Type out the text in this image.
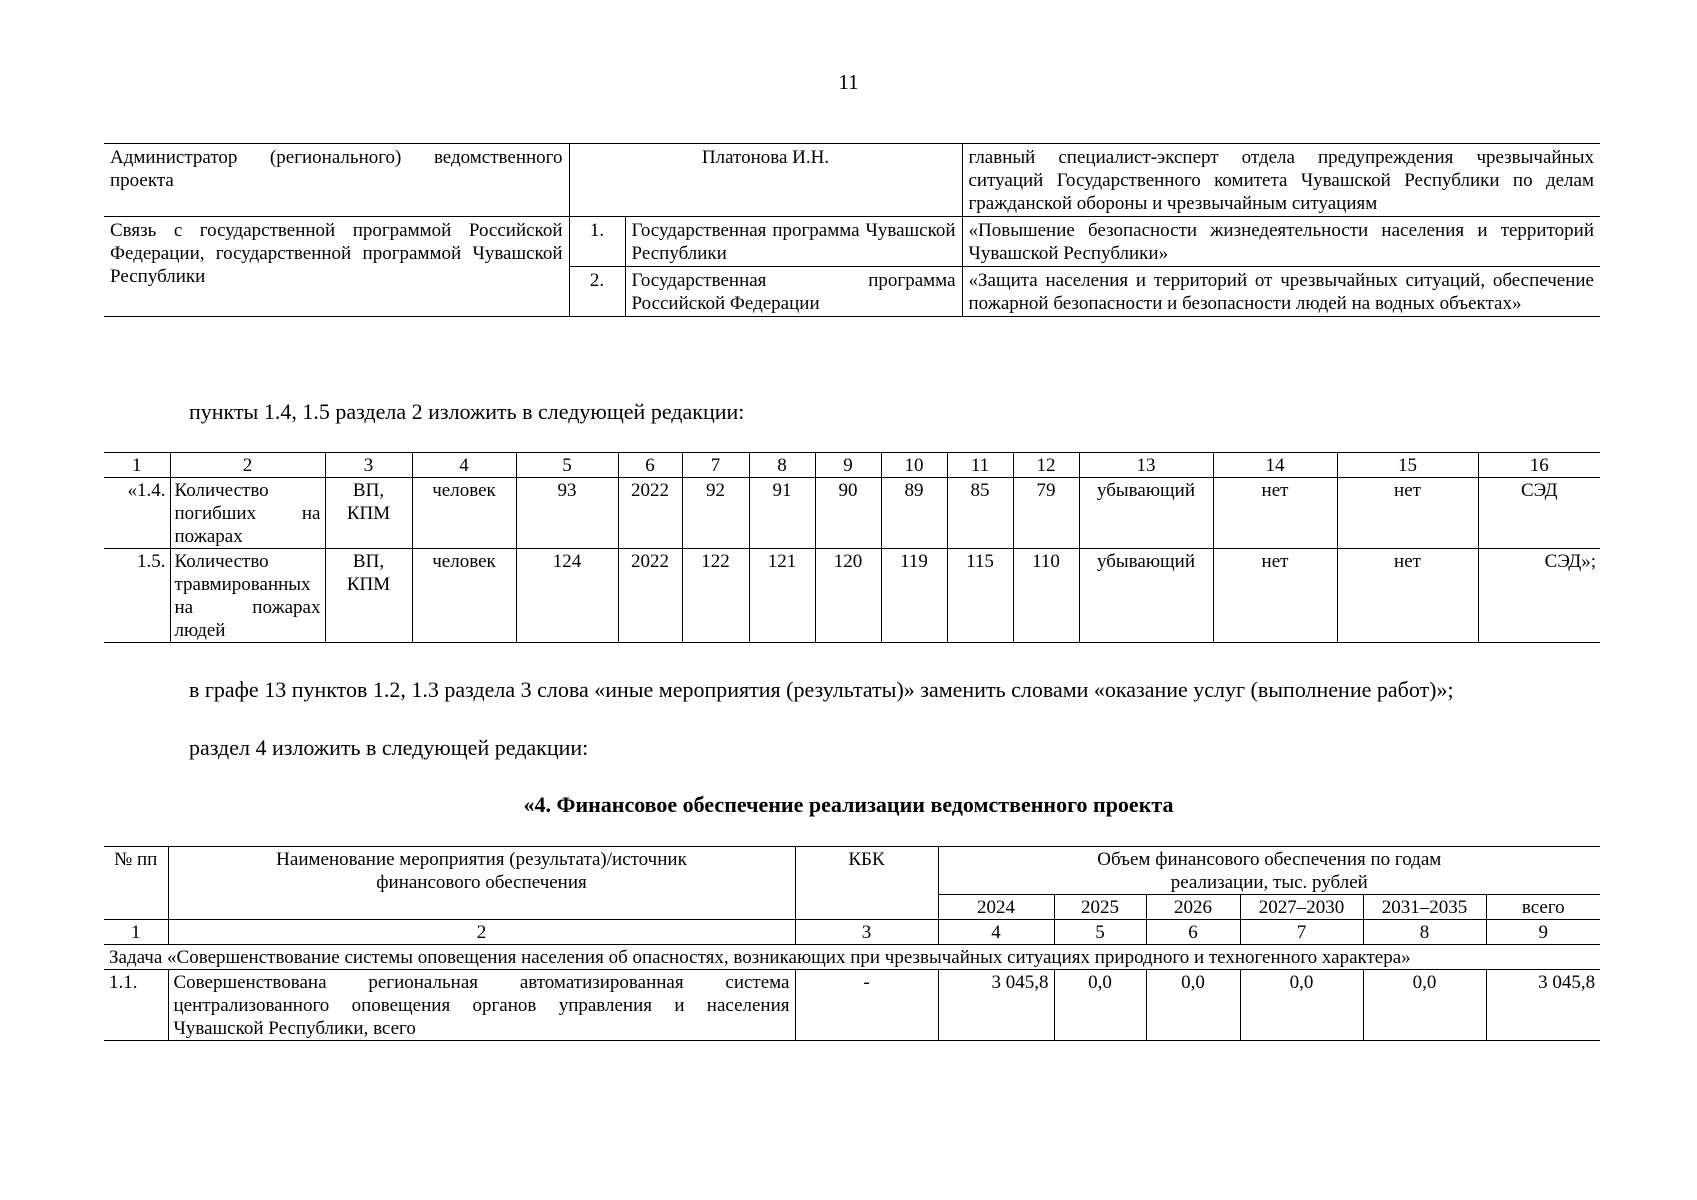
11
Администратор (регионального) ведомственного проекта	Платонова И.Н.		главный специалист-эксперт отдела предупреждения чрезвычайных ситуаций Государственного комитета Чувашской Республики по делам гражданской обороны и чрезвычайным ситуациям
Связь с государственной программой Российской Федерации, государственной программой Чувашской Республики	1.	Государственная программа Чувашской Республики	«Повышение безопасности жизнедеятельности населения и территорий Чувашской Республики»
	2.	Государственная программа Российской Федерации	«Защита населения и территорий от чрезвычайных ситуаций, обеспечение пожарной безопасности и безопасности людей на водных объектах»
пункты 1.4, 1.5 раздела 2 изложить в следующей редакции:
1	2	3	4	5	6	7	8	9	10	11	12	13	14	15	16
«1.4.	Количество погибших на пожарах	ВП, КПМ	человек	93	2022	92	91	90	89	85	79	убывающий	нет	нет	СЭД
1.5.	Количество травмированных на пожарах людей	ВП, КПМ	человек	124	2022	122	121	120	119	115	110	убывающий	нет	нет	СЭД»;
в графе 13 пунктов 1.2, 1.3 раздела 3 слова «иные мероприятия (результаты)» заменить словами «оказание услуг (выполнение работ)»;
раздел 4 изложить в следующей редакции:
«4. Финансовое обеспечение реализации ведомственного проекта
№ пп	Наименование мероприятия (результата)/источник финансового обеспечения	КБК	Объем финансового обеспечения по годам реализации, тыс. рублей					
			2024	2025	2026	2027–2030	2031–2035	всего
1	2	3	4	5	6	7	8	9
Задача «Совершенствование системы оповещения населения об опасностях, возникающих при чрезвычайных ситуациях природного и техногенного характера»								
1.1.	Совершенствована региональная автоматизированная система централизованного оповещения органов управления и населения Чувашской Республики, всего	-	3 045,8	0,0	0,0	0,0	0,0	3 045,8
